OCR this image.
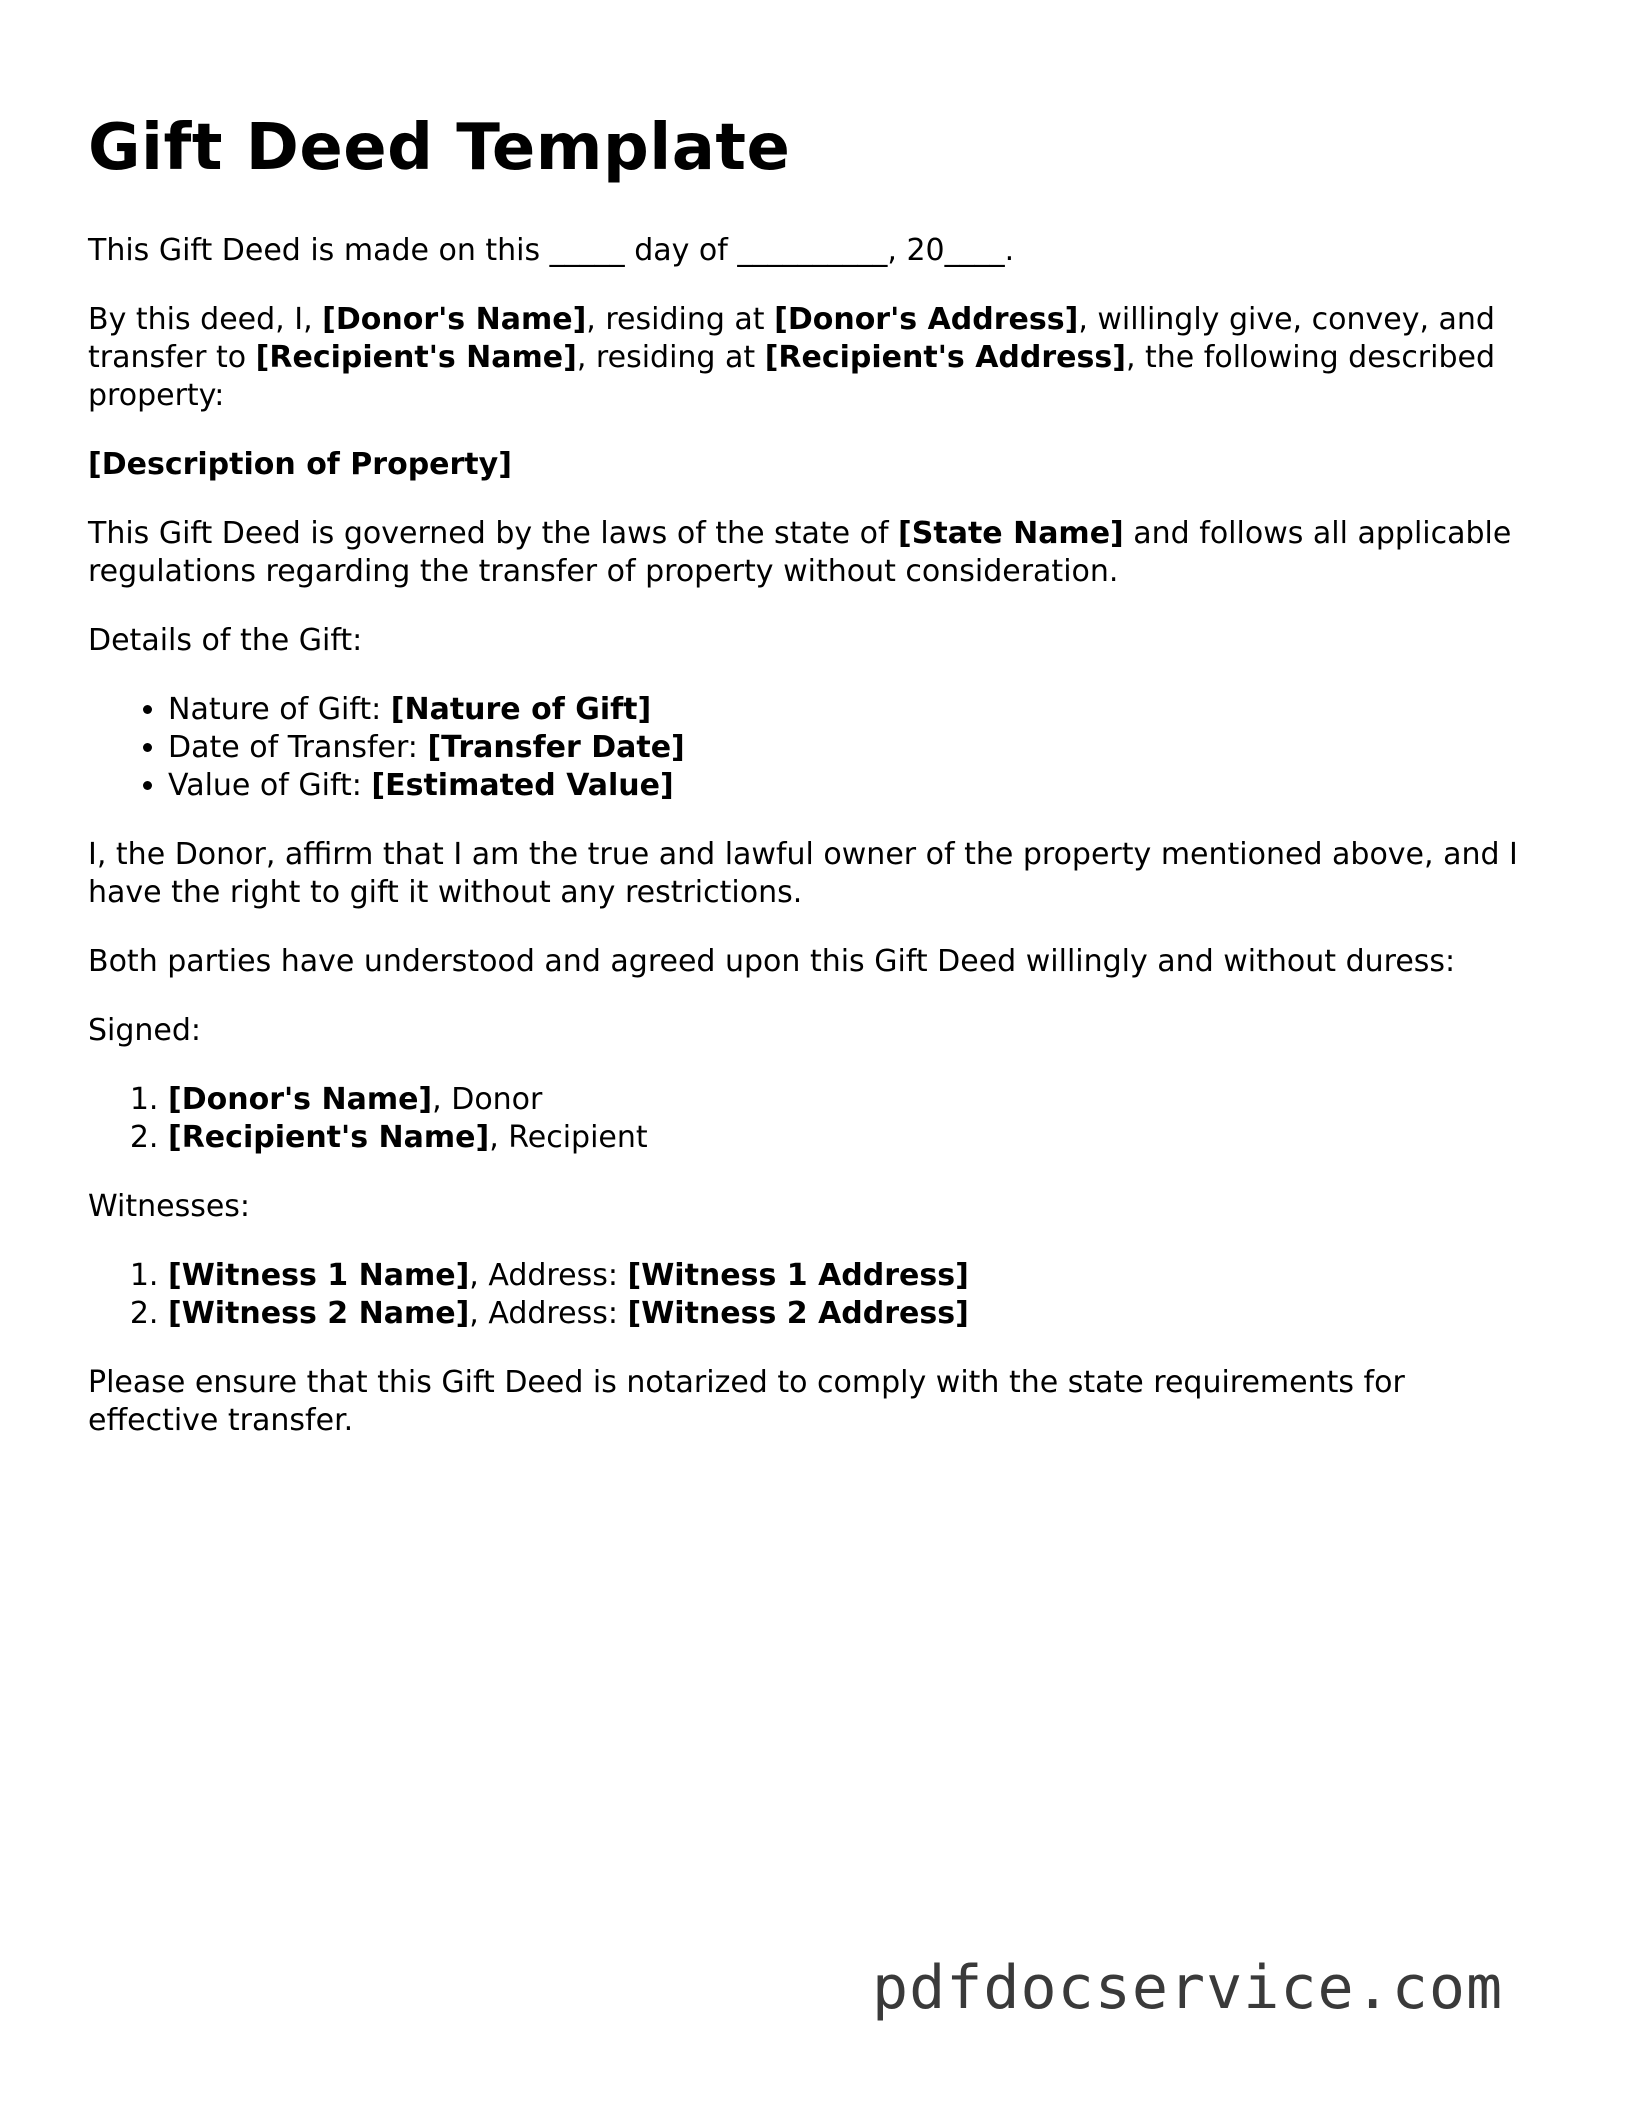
Gift Deed Template

This Gift Deed is made on this _____ day of __________, 20____.

By this deed, I, [Donor's Name], residing at [Donor's Address], willingly give, convey, and transfer to [Recipient's Name], residing at [Recipient's Address], the following described property:

[Description of Property]

This Gift Deed is governed by the laws of the state of [State Name] and follows all applicable regulations regarding the transfer of property without consideration.

Details of the Gift:

• Nature of Gift: [Nature of Gift]
• Date of Transfer: [Transfer Date]
• Value of Gift: [Estimated Value]

I, the Donor, affirm that I am the true and lawful owner of the property mentioned above, and I have the right to gift it without any restrictions.

Both parties have understood and agreed upon this Gift Deed willingly and without duress:

Signed:

1. [Donor's Name], Donor
2. [Recipient's Name], Recipient

Witnesses:

1. [Witness 1 Name], Address: [Witness 1 Address]
2. [Witness 2 Name], Address: [Witness 2 Address]

Please ensure that this Gift Deed is notarized to comply with the state requirements for effective transfer.

pdfdocservice.com
